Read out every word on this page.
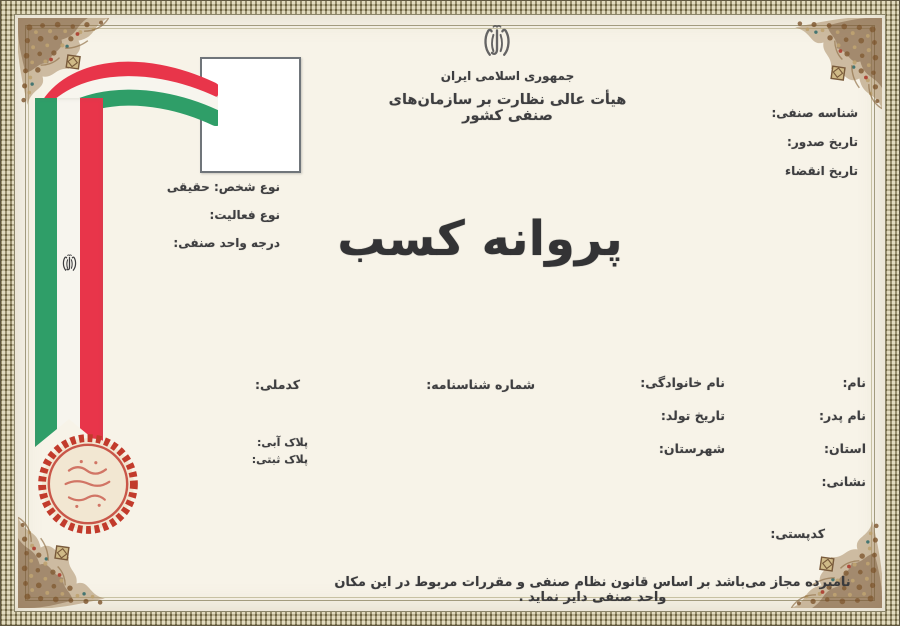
جمهوری اسلامی ایران
هیأت عالی نظارت بر سازمان‌های صنفی کشور	شناسه صنفی:
تاریخ صدور:
تاریخ انقضاء
نوع شخص: حقیقی
نوع فعالیت:
درجه واحد صنفی: پروانه کسب
نام:
نام پدر:
استان:
نشانی:
نام خانوادگی:
تاریخ تولد:
شهرستان:
شماره شناسنامه:
کدملی:
پلاک آبی:
پلاک ثبتی:
کدپستی:
نامبرده مجاز می‌باشد بر اساس قانون نظام صنفی و مقررات مربوط در این مکان واحد صنفی دایر نماید .
